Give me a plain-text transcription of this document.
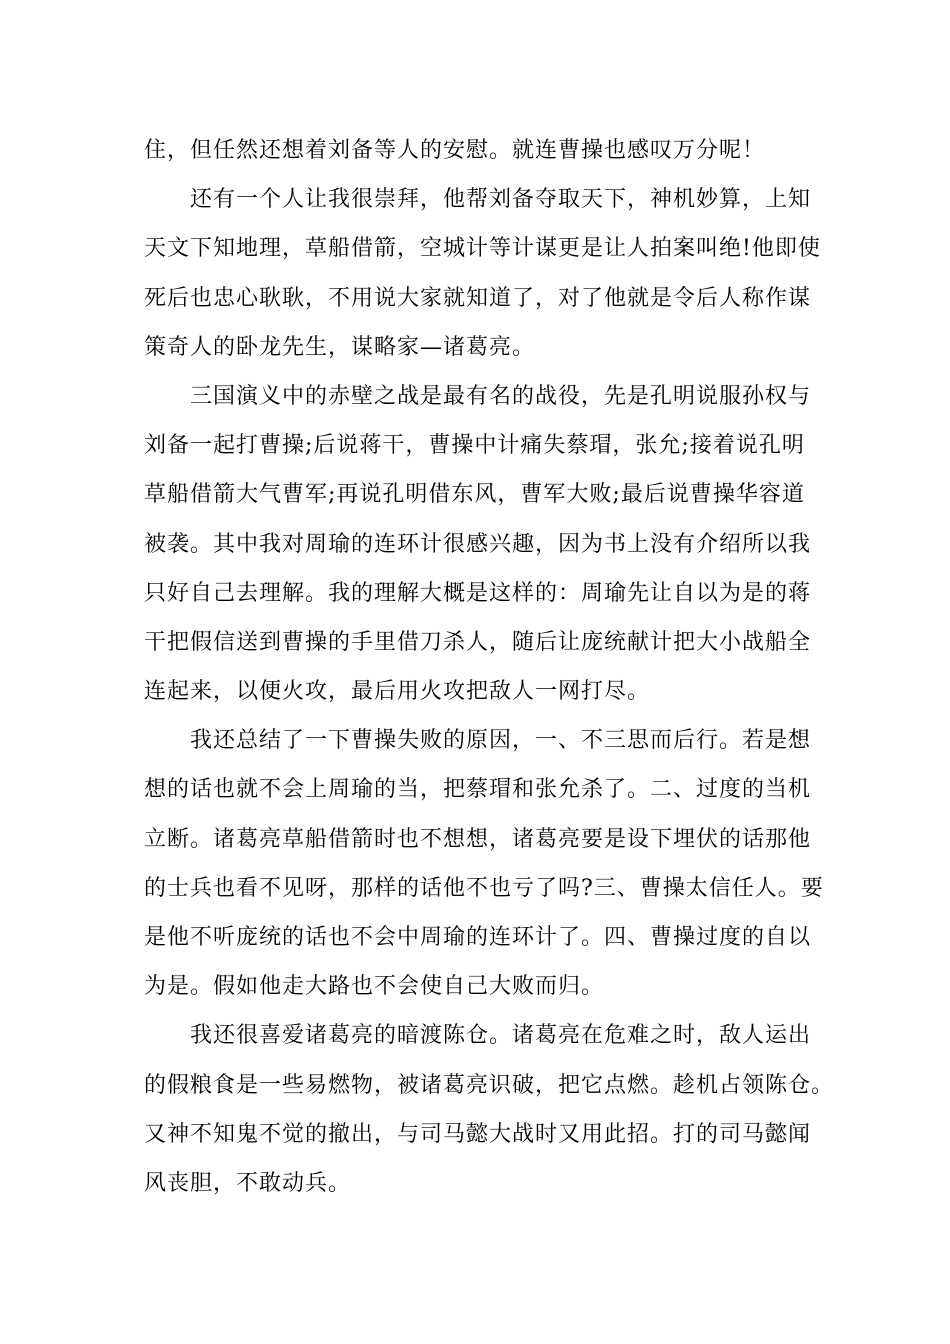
住，但任然还想着刘备等人的安慰。就连曹操也感叹万分呢！
还有一个人让我很崇拜，他帮刘备夺取天下，神机妙算，上知
天文下知地理，草船借箭，空城计等计谋更是让人拍案叫绝!他即使
死后也忠心耿耿，不用说大家就知道了，对了他就是令后人称作谋
策奇人的卧龙先生，谋略家—诸葛亮。
三国演义中的赤壁之战是最有名的战役，先是孔明说服孙权与
刘备一起打曹操;后说蒋干，曹操中计痛失蔡瑁，张允;接着说孔明
草船借箭大气曹军;再说孔明借东风，曹军大败;最后说曹操华容道
被袭。其中我对周瑜的连环计很感兴趣，因为书上没有介绍所以我
只好自己去理解。我的理解大概是这样的：周瑜先让自以为是的蒋
干把假信送到曹操的手里借刀杀人，随后让庞统献计把大小战船全
连起来，以便火攻，最后用火攻把敌人一网打尽。
我还总结了一下曹操失败的原因，一、不三思而后行。若是想
想的话也就不会上周瑜的当，把蔡瑁和张允杀了。二、过度的当机
立断。诸葛亮草船借箭时也不想想，诸葛亮要是设下埋伏的话那他
的士兵也看不见呀，那样的话他不也亏了吗?三、曹操太信任人。要
是他不听庞统的话也不会中周瑜的连环计了。四、曹操过度的自以
为是。假如他走大路也不会使自己大败而归。
我还很喜爱诸葛亮的暗渡陈仓。诸葛亮在危难之时，敌人运出
的假粮食是一些易燃物，被诸葛亮识破，把它点燃。趁机占领陈仓。
又神不知鬼不觉的撤出，与司马懿大战时又用此招。打的司马懿闻
风丧胆，不敢动兵。
